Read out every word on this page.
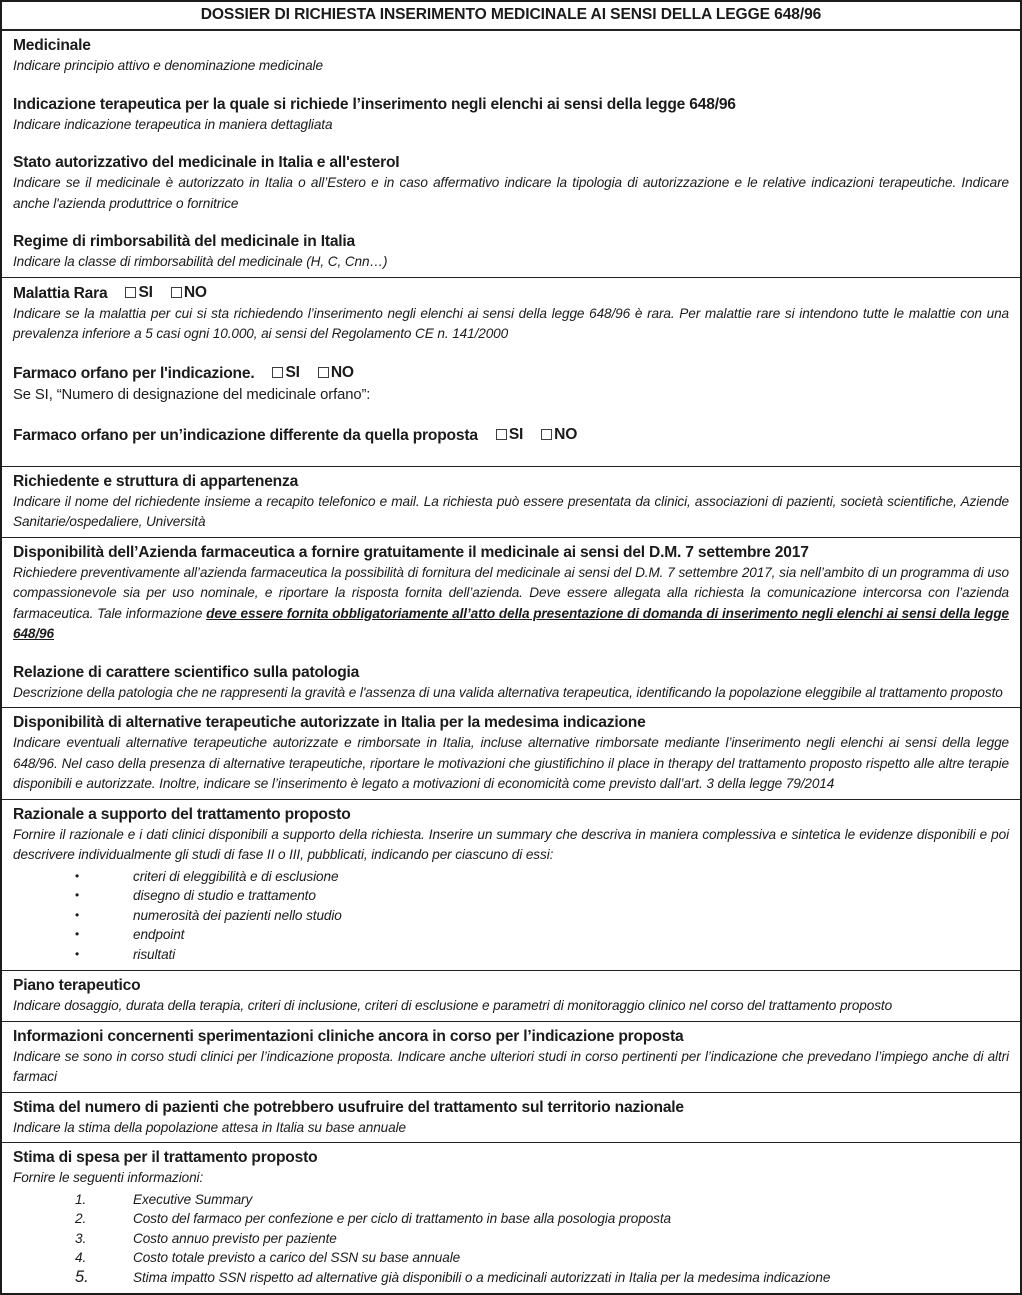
DOSSIER DI RICHIESTA INSERIMENTO MEDICINALE AI SENSI DELLA LEGGE 648/96
Medicinale
Indicare principio attivo e denominazione medicinale
Indicazione terapeutica per la quale si richiede l’inserimento negli elenchi ai sensi della legge 648/96
Indicare indicazione terapeutica in maniera dettagliata
Stato autorizzativo del medicinale in Italia e all'esteroI
Indicare se il medicinale è autorizzato in Italia o all’Estero e in caso affermativo indicare la tipologia di autorizzazione e le relative indicazioni terapeutiche. Indicare anche l'azienda produttrice o fornitrice
Regime di rimborsabilità del medicinale in Italia
Indicare la classe di rimborsabilità del medicinale (H, C, Cnn…)
Malattia Rara SI NO
Indicare se la malattia per cui si sta richiedendo l’inserimento negli elenchi ai sensi della legge 648/96 è rara. Per malattie rare si intendono tutte le malattie con una prevalenza inferiore a 5 casi ogni 10.000, ai sensi del Regolamento CE n. 141/2000
Farmaco orfano per l'indicazione. SI NO
Se SI, “Numero di designazione del medicinale orfano”:
Farmaco orfano per un’indicazione differente da quella proposta SI NO
Richiedente e struttura di appartenenza
Indicare il nome del richiedente insieme a recapito telefonico e mail. La richiesta può essere presentata da clinici, associazioni di pazienti, società scientifiche, Aziende Sanitarie/ospedaliere, Università
Disponibilità dell’Azienda farmaceutica a fornire gratuitamente il medicinale ai sensi del D.M. 7 settembre 2017
Richiedere preventivamente all’azienda farmaceutica la possibilità di fornitura del medicinale ai sensi del D.M. 7 settembre 2017, sia nell’ambito di un programma di uso compassionevole sia per uso nominale, e riportare la risposta fornita dell’azienda. Deve essere allegata alla richiesta la comunicazione intercorsa con l’azienda farmaceutica. Tale informazione deve essere fornita obbligatoriamente all’atto della presentazione di domanda di inserimento negli elenchi ai sensi della legge 648/96
Relazione di carattere scientifico sulla patologia
Descrizione della patologia che ne rappresenti la gravità e l'assenza di una valida alternativa terapeutica, identificando la popolazione eleggibile al trattamento proposto
Disponibilità di alternative terapeutiche autorizzate in Italia per la medesima indicazione
Indicare eventuali alternative terapeutiche autorizzate e rimborsate in Italia, incluse alternative rimborsate mediante l’inserimento negli elenchi ai sensi della legge 648/96. Nel caso della presenza di alternative terapeutiche, riportare le motivazioni che giustifichino il place in therapy del trattamento proposto rispetto alle altre terapie disponibili e autorizzate. Inoltre, indicare se l’inserimento è legato a motivazioni di economicità come previsto dall’art. 3 della legge 79/2014
Razionale a supporto del trattamento proposto
Fornire il razionale e i dati clinici disponibili a supporto della richiesta. Inserire un summary che descriva in maniera complessiva e sintetica le evidenze disponibili e poi descrivere individualmente gli studi di fase II o III, pubblicati, indicando per ciascuno di essi:
•	criteri di eleggibilità e di esclusione
•	disegno di studio e trattamento
•	numerosità dei pazienti nello studio
•	endpoint
•	risultati
Piano terapeutico
Indicare dosaggio, durata della terapia, criteri di inclusione, criteri di esclusione e parametri di monitoraggio clinico nel corso del trattamento proposto
Informazioni concernenti sperimentazioni cliniche ancora in corso per l’indicazione proposta
Indicare se sono in corso studi clinici per l’indicazione proposta. Indicare anche ulteriori studi in corso pertinenti per l’indicazione che prevedano l’impiego anche di altri farmaci
Stima del numero di pazienti che potrebbero usufruire del trattamento sul territorio nazionale
Indicare la stima della popolazione attesa in Italia su base annuale
Stima di spesa per il trattamento proposto
Fornire le seguenti informazioni:
1.	Executive Summary
2.	Costo del farmaco per confezione e per ciclo di trattamento in base alla posologia proposta
3.	Costo annuo previsto per paziente
4.	Costo totale previsto a carico del SSN su base annuale
5.	Stima impatto SSN rispetto ad alternative già disponibili o a medicinali autorizzati in Italia per la medesima indicazione
